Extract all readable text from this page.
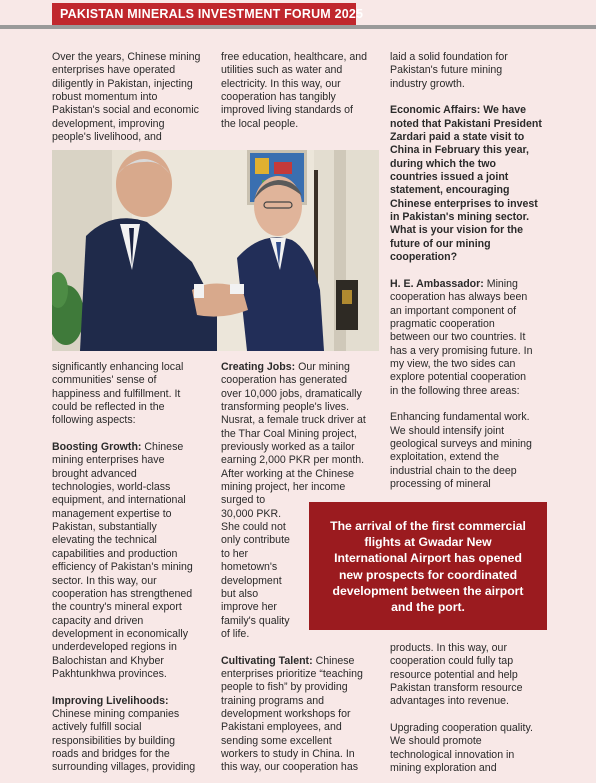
PAKISTAN MINERALS INVESTMENT FORUM 2025

Over the years, Chinese mining

enterprises have operated

diligently in Pakistan, injecting

robust momentum into

Pakistan's social and economic

development, improving

people's livelihood, and

free education, healthcare, and

utilities such as water and

electricity. In this way, our

cooperation has tangibly

improved living standards of

the local people.

laid a solid foundation for

Pakistan's future mining

industry growth.

Economic Affairs: We have

noted that Pakistani President

Zardari paid a state visit to

China in February this year,

during which the two

countries issued a joint

statement, encouraging

Chinese enterprises to invest

in Pakistan's mining sector.

What is your vision for the

future of our mining

cooperation?

H. E. Ambassador: Mining

cooperation has always been

an important component of

pragmatic cooperation

between our two countries. It

has a very promising future. In

my view, the two sides can

explore potential cooperation

in the following three areas:

Enhancing fundamental work.

We should intensify joint

geological surveys and mining

exploitation, extend the

industrial chain to the deep

processing of mineral

products. In this way, our

cooperation could fully tap

resource potential and help

Pakistan transform resource

advantages into revenue.

Upgrading cooperation quality.

We should promote

technological innovation in

mining exploration and

significantly enhancing local

communities' sense of

happiness and fulfillment. It

could be reflected in the

following aspects:

Boosting Growth: Chinese

mining enterprises have

brought advanced

technologies, world-class

equipment, and international

management expertise to

Pakistan, substantially

elevating the technical

capabilities and production

efficiency of Pakistan's mining

sector. In this way, our

cooperation has strengthened

the country's mineral export

capacity and driven

development in economically

underdeveloped regions in

Balochistan and Khyber

Pakhtunkhwa provinces.

Improving Livelihoods:

Chinese mining companies

actively fulfill social

responsibilities by building

roads and bridges for the

surrounding villages, providing

Creating Jobs: Our mining

cooperation has generated

over 10,000 jobs, dramatically

transforming people's lives.

Nusrat, a female truck driver at

the Thar Coal Mining project,

previously worked as a tailor

earning 2,000 PKR per month.

After working at the Chinese

mining project, her income

surged to

30,000 PKR.

She could not

only contribute

to her

hometown's

development

but also

improve her

family's quality

of life.

Cultivating Talent: Chinese

enterprises prioritize “teaching

people to fish” by providing

training programs and

development workshops for

Pakistani employees, and

sending some excellent

workers to study in China. In

this way, our cooperation has

The arrival of the first commercial
flights at Gwadar New
International Airport has opened
new prospects for coordinated
development between the airport
and the port.
